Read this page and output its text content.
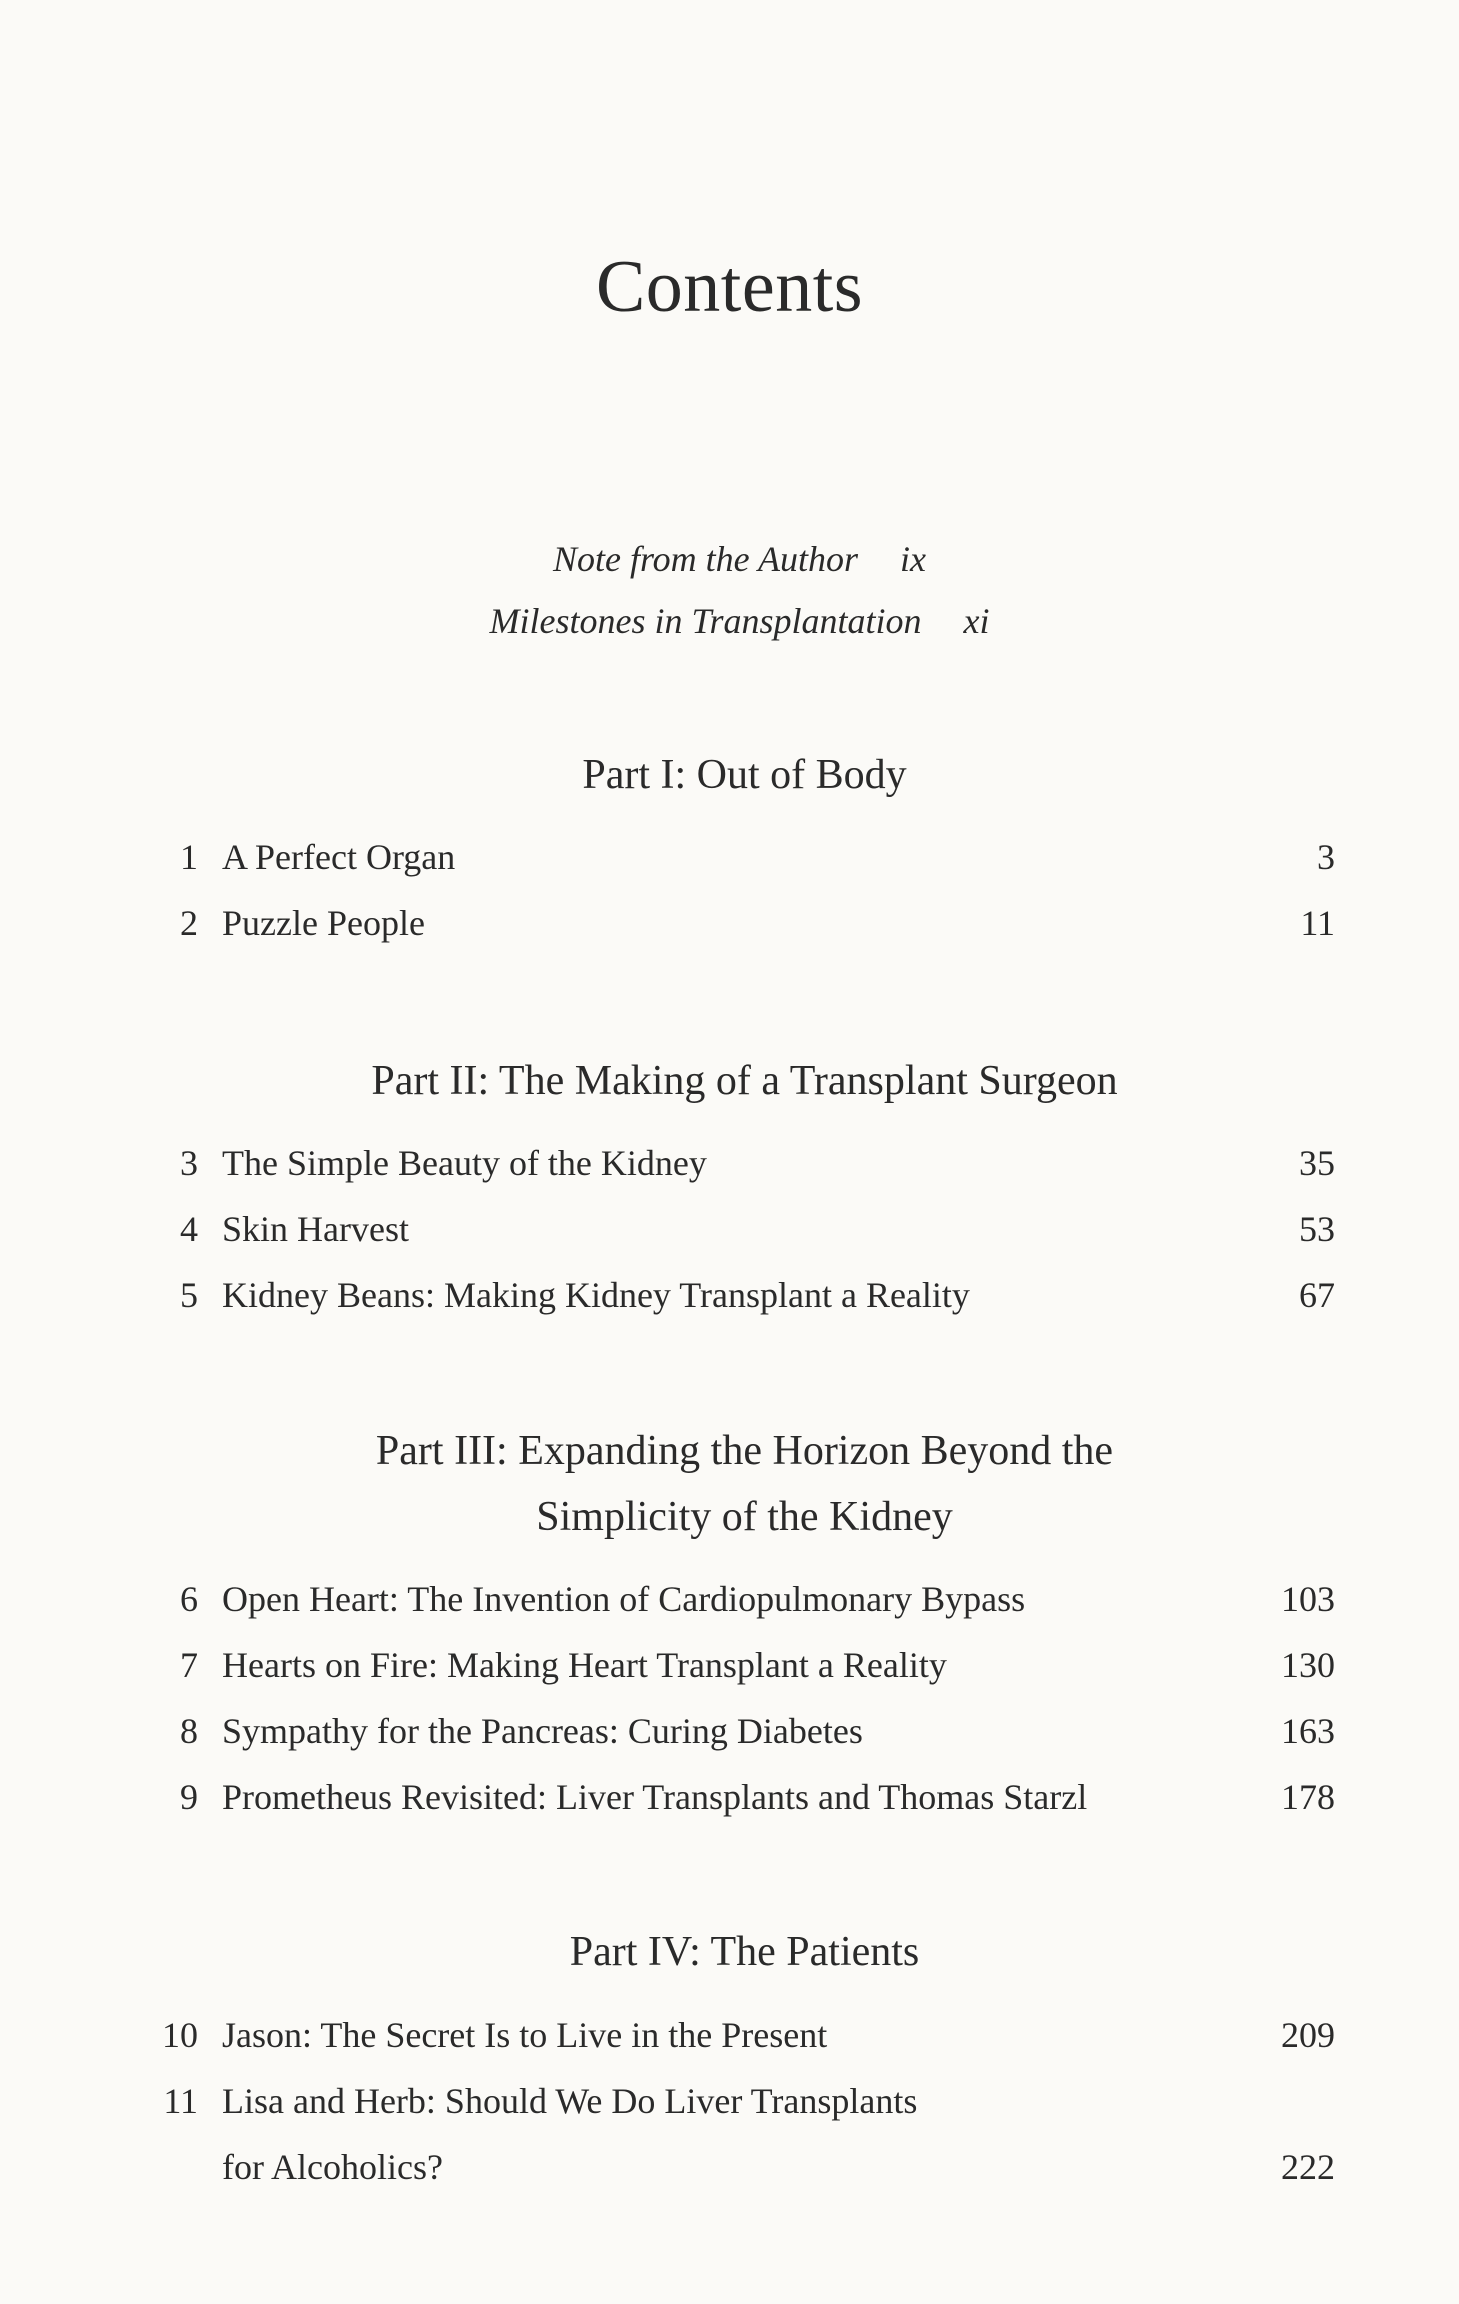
Contents
Note from the Author ix
Milestones in Transplantation xi
Part I: Out of Body
1 A Perfect Organ	3
2 Puzzle People	11
Part II: The Making of a Transplant Surgeon
3 The Simple Beauty of the Kidney	35
4 Skin Harvest	53
5 Kidney Beans: Making Kidney Transplant a Reality	67
Part III: Expanding the Horizon Beyond the
Simplicity of the Kidney
6 Open Heart: The Invention of Cardiopulmonary Bypass	103
7 Hearts on Fire: Making Heart Transplant a Reality	130
8 Sympathy for the Pancreas: Curing Diabetes	163
9 Prometheus Revisited: Liver Transplants and Thomas Starzl	178
Part IV: The Patients
10 Jason: The Secret Is to Live in the Present	209
11 Lisa and Herb: Should We Do Liver Transplants
for Alcoholics?	222
